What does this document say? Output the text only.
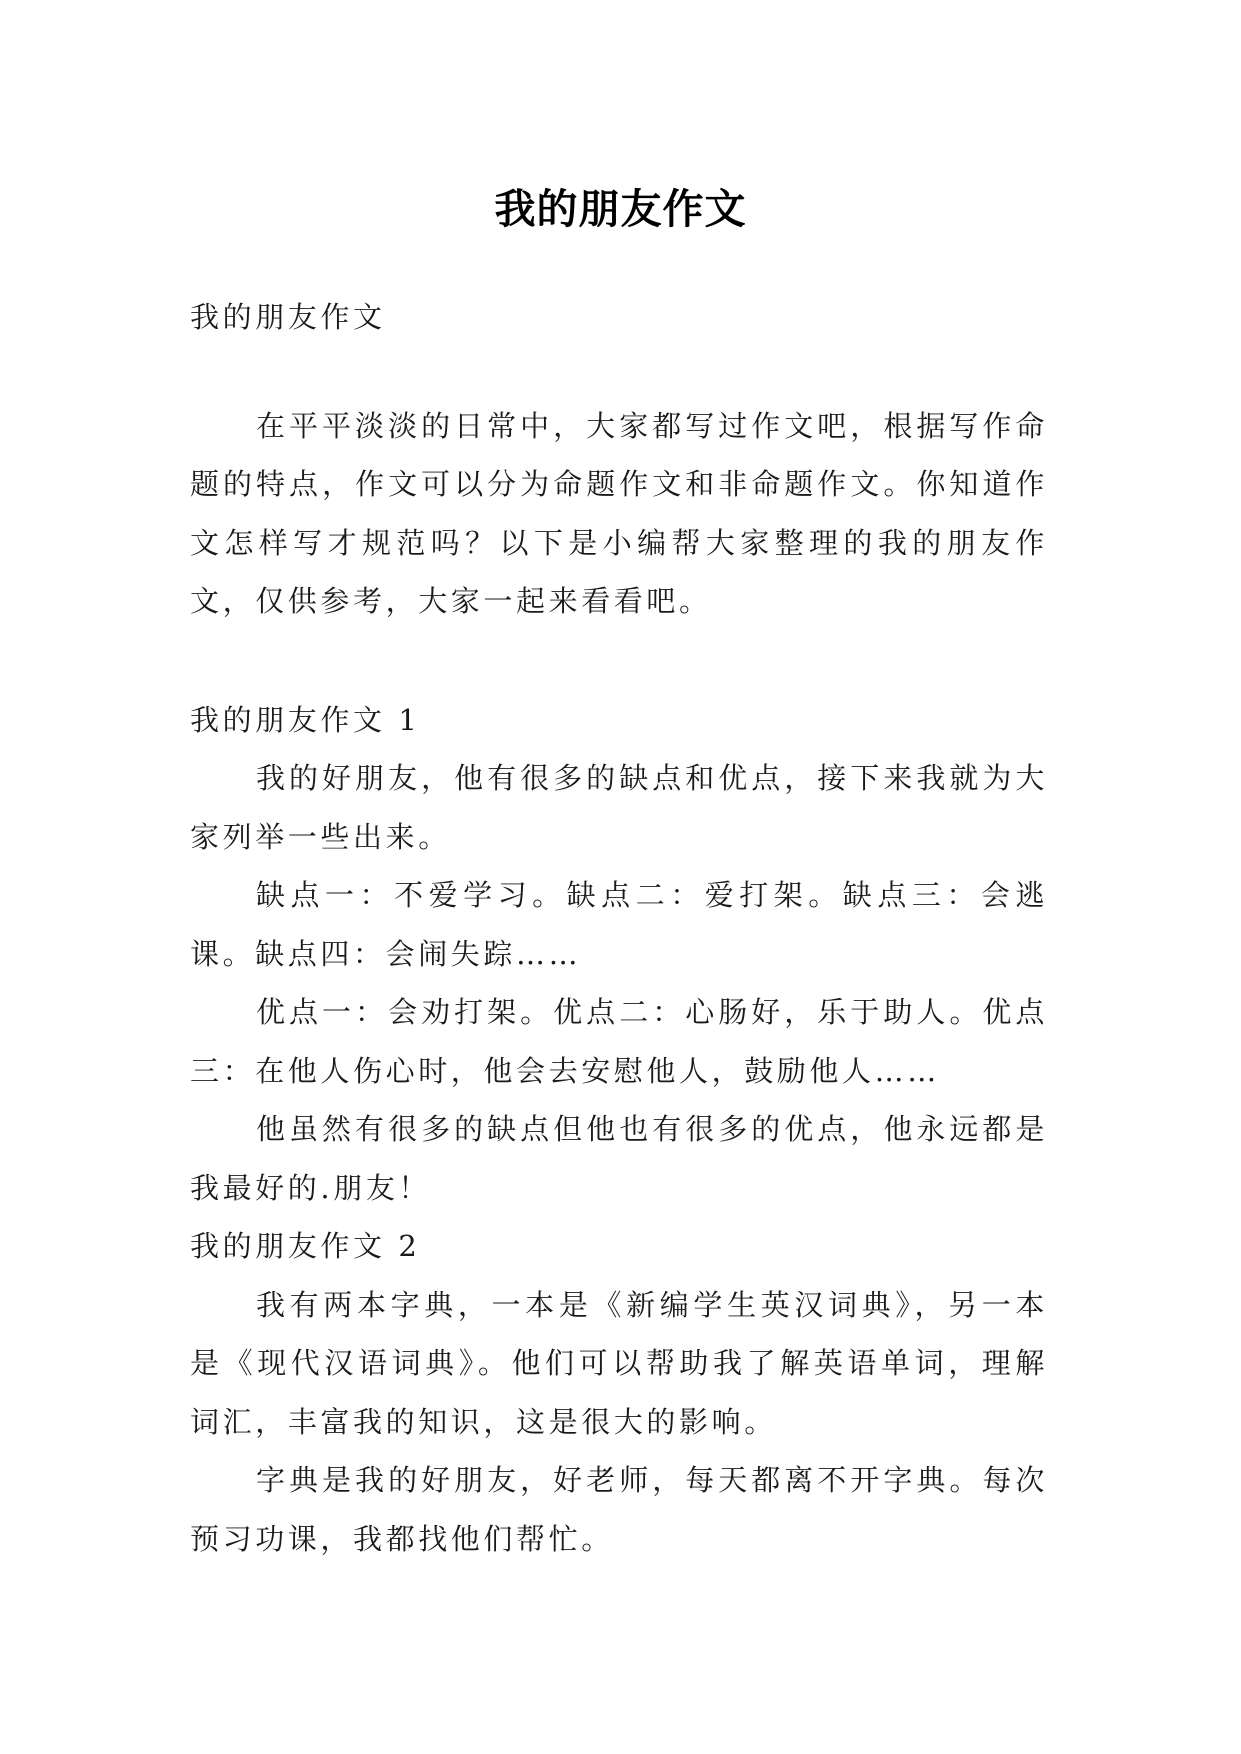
我的朋友作文

我的朋友作文

在平平淡淡的日常中，大家都写过作文吧，根据写作命题的特点，作文可以分为命题作文和非命题作文。你知道作文怎样写才规范吗？以下是小编帮大家整理的我的朋友作文，仅供参考，大家一起来看看吧。

我的朋友作文 1

我的好朋友，他有很多的缺点和优点，接下来我就为大家列举一些出来。

缺点一：不爱学习。缺点二：爱打架。缺点三：会逃课。缺点四：会闹失踪……

优点一：会劝打架。优点二：心肠好，乐于助人。优点三：在他人伤心时，他会去安慰他人，鼓励他人……

他虽然有很多的缺点但他也有很多的优点，他永远都是我最好的.朋友！

我的朋友作文 2

我有两本字典，一本是《新编学生英汉词典》，另一本是《现代汉语词典》。他们可以帮助我了解英语单词，理解词汇，丰富我的知识，这是很大的影响。

字典是我的好朋友，好老师，每天都离不开字典。每次预习功课，我都找他们帮忙。
